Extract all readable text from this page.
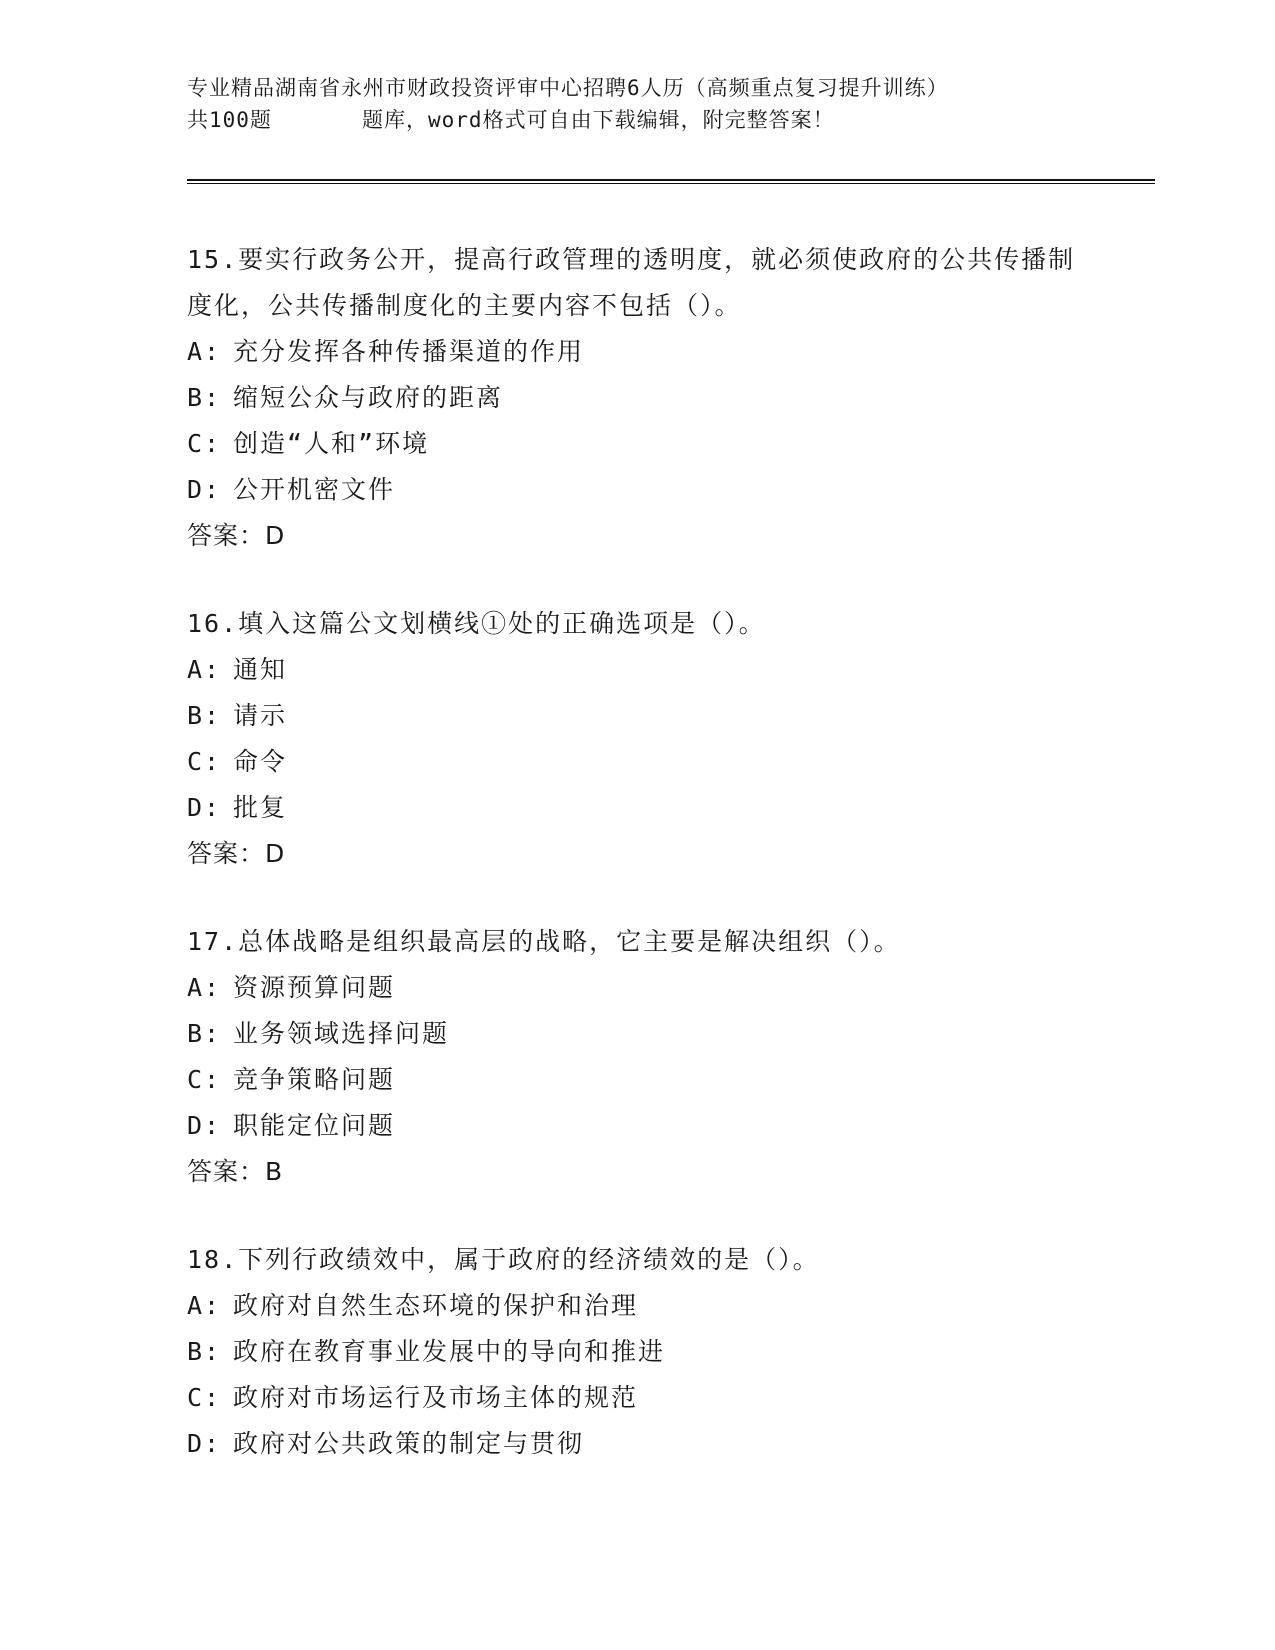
专业精品湖南省永州市财政投资评审中心招聘6人历（高频重点复习提升训练）
共100题	题库，word格式可自由下载编辑，附完整答案！
15.要实行政务公开，提高行政管理的透明度，就必须使政府的公共传播制度化，公共传播制度化的主要内容不包括（）。
A: 充分发挥各种传播渠道的作用
B: 缩短公众与政府的距离
C: 创造“人和”环境
D: 公开机密文件
答案：D
16.填入这篇公文划横线①处的正确选项是（）。
A: 通知
B: 请示
C: 命令
D: 批复
答案：D
17.总体战略是组织最高层的战略，它主要是解决组织（）。
A: 资源预算问题
B: 业务领域选择问题
C: 竞争策略问题
D: 职能定位问题
答案：B
18.下列行政绩效中，属于政府的经济绩效的是（）。
A: 政府对自然生态环境的保护和治理
B: 政府在教育事业发展中的导向和推进
C: 政府对市场运行及市场主体的规范
D: 政府对公共政策的制定与贯彻
